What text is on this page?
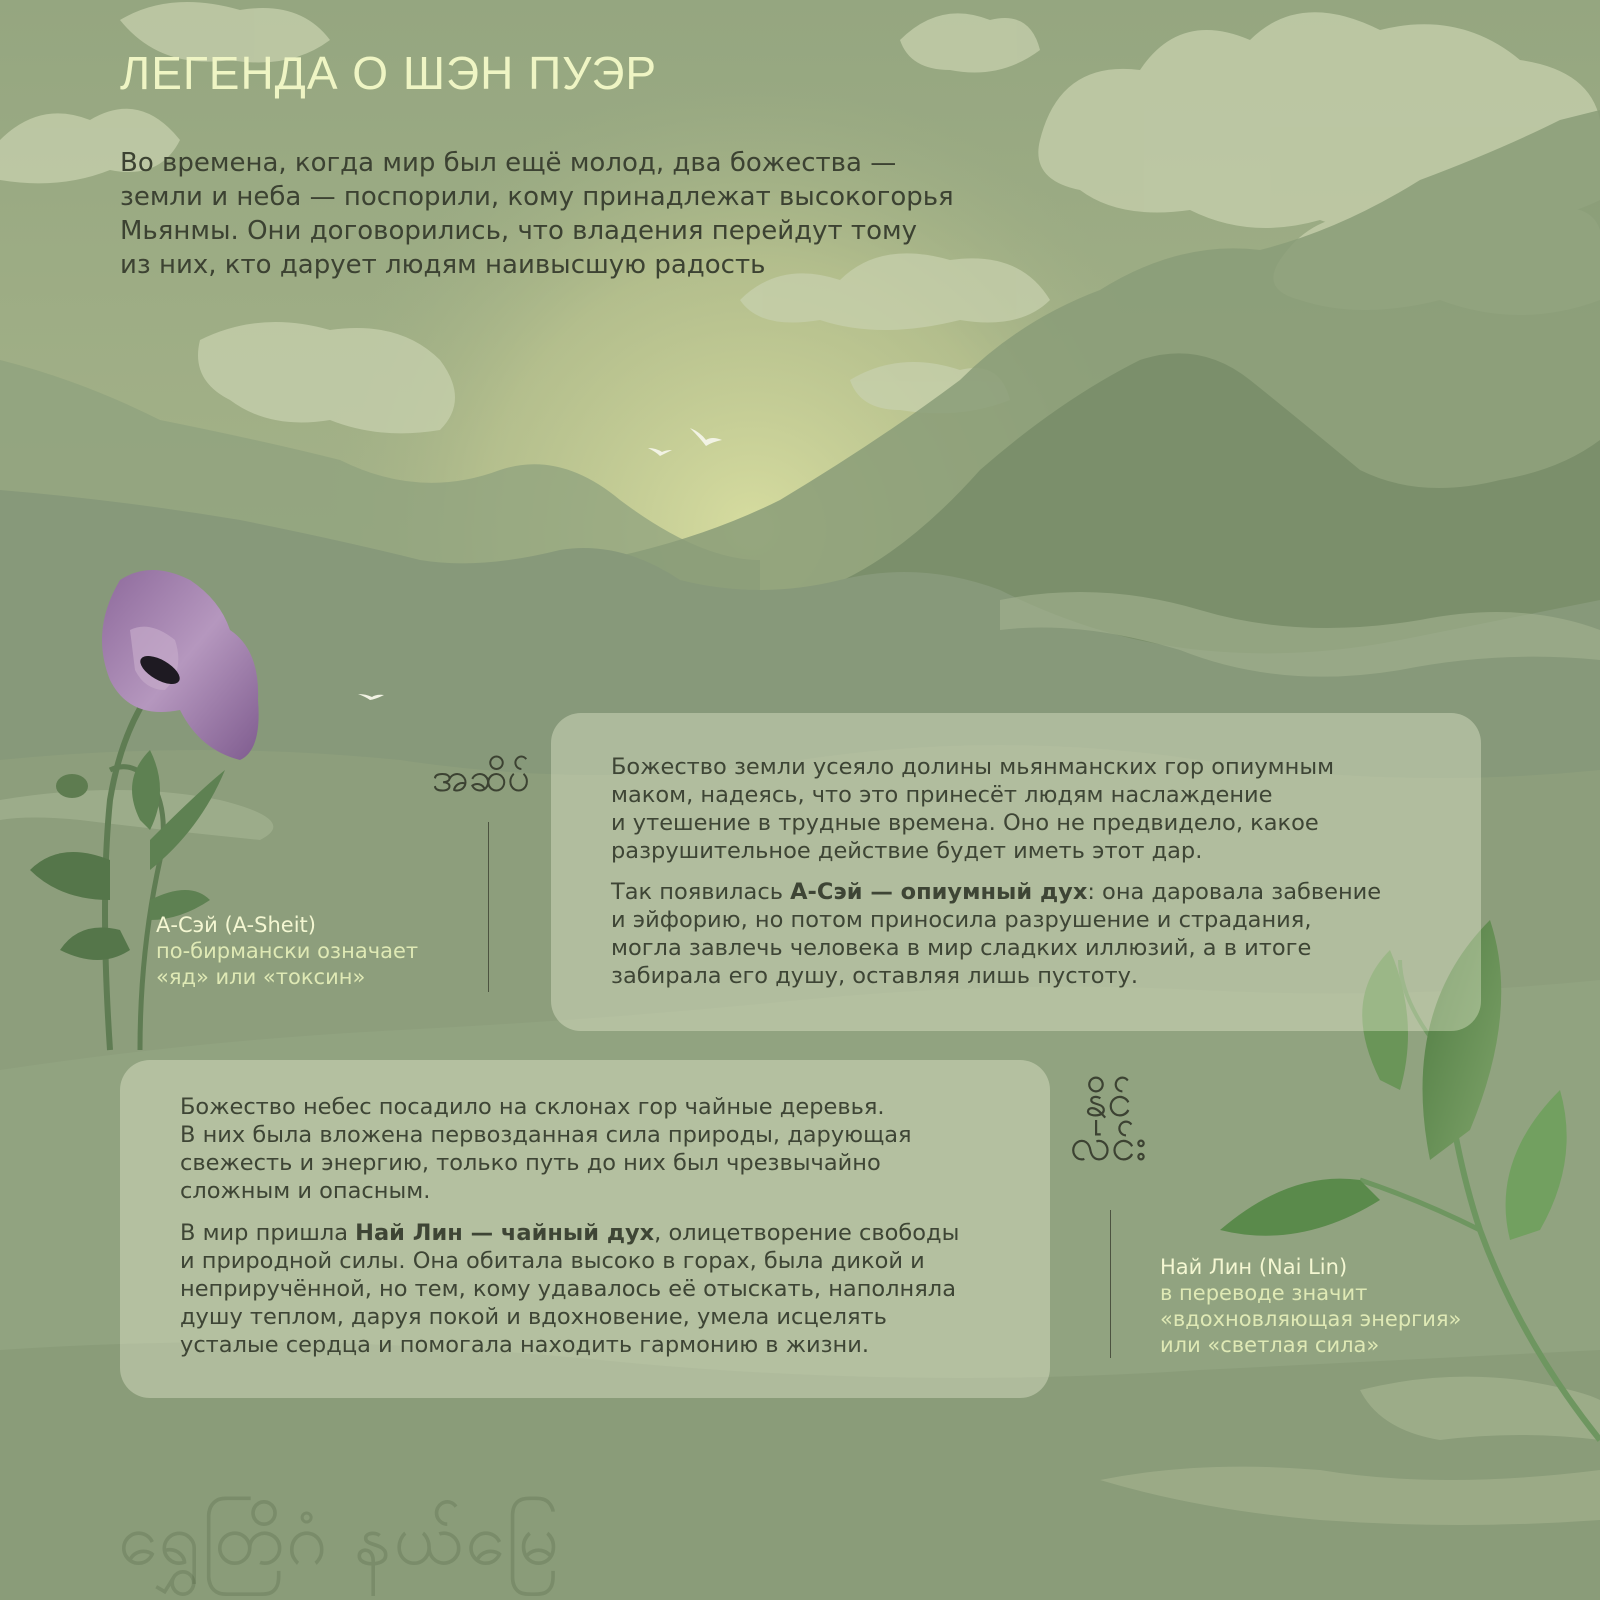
ЛЕГЕНДА О ШЭН ПУЭР

Во времена, когда мир был ещё молод, два божества —
земли и неба — поспорили, кому принадлежат высокогорья
Мьянмы. Они договорились, что владения перейдут тому
из них, кто дарует людям наивысшую радость

အဆိပ်
А-Сэй (A-Sheit)
по-бирмански означает
«яд» или «токсин»

Божество земли усеяло долины мьянманских гор опиумным
маком, надеясь, что это принесёт людям наслаждение
и утешение в трудные времена. Оно не предвидело, какое
разрушительное действие будет иметь этот дар.

Так появилась А-Сэй — опиумный дух: она даровала забвение
и эйфорию, но потом приносила разрушение и страдания,
могла завлечь человека в мир сладких иллюзий, а в итоге
забирала его душу, оставляя лишь пустоту.

Божество небес посадило на склонах гор чайные деревья.
В них была вложена первозданная сила природы, дарующая
свежесть и энергию, только путь до них был чрезвычайно
сложным и опасным.

В мир пришла Най Лин — чайный дух, олицетворение свободы
и природной силы. Она обитала высоко в горах, была дикой и
неприручённой, но тем, кому удавалось её отыскать, наполняла
душу теплом, даруя покой и вдохновение, умела исцелять
усталые сердца и помогала находить гармонию в жизни.

နိုင်
လင်း
Най Лин (Nai Lin)
в переводе значит
«вдохновляющая энергия»
или «светлая сила»
ရွှေတြိဂံ နယ်မြေ
